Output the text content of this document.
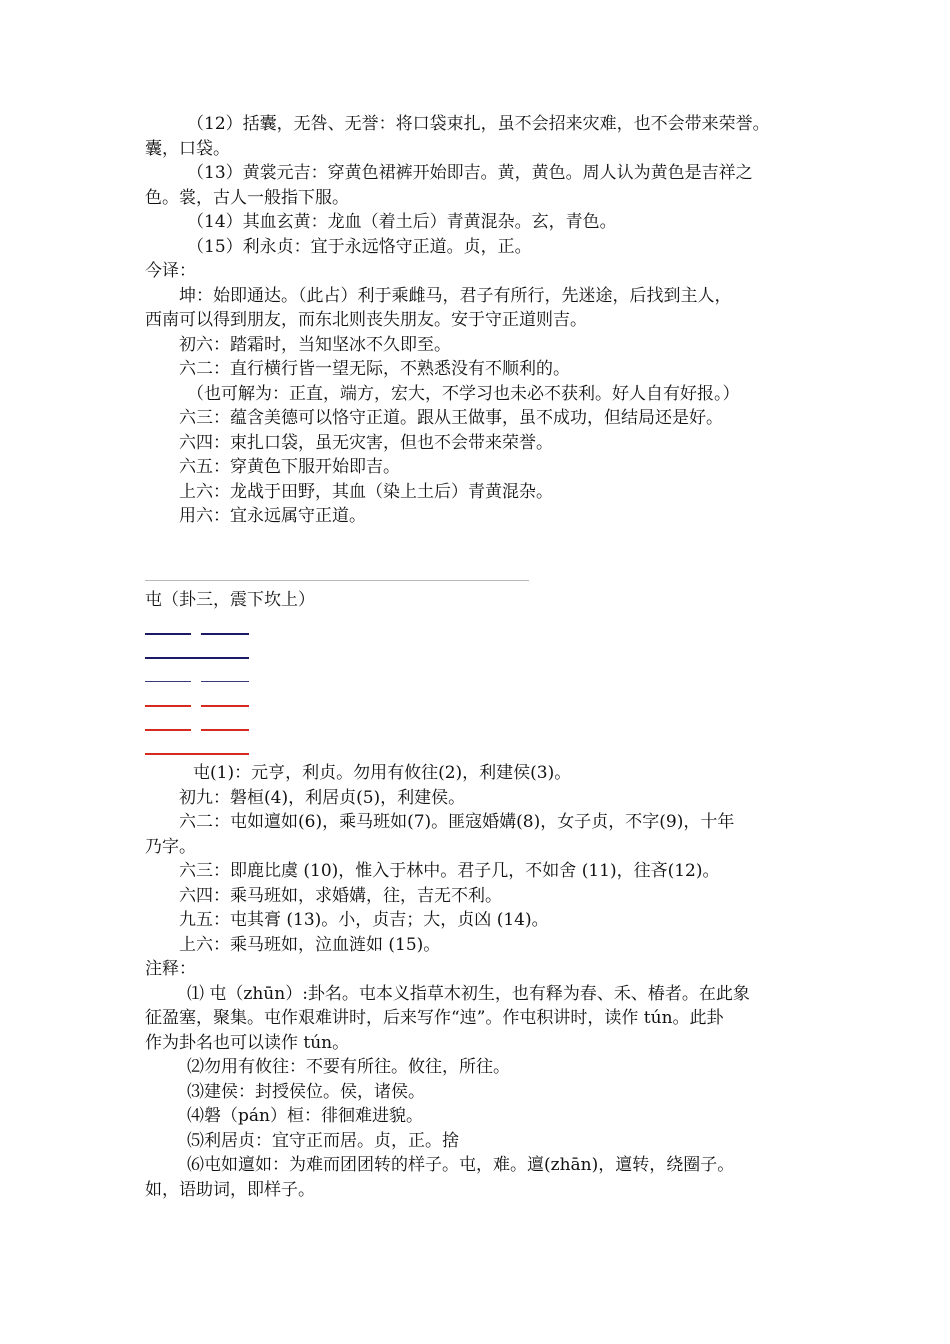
（12）括囊，无咎、无誉：将口袋束扎，虽不会招来灾难，也不会带来荣誉。
囊，口袋。
（13）黄裳元吉：穿黄色裙裤开始即吉。黄，黄色。周人认为黄色是吉祥之
色。裳，古人一般指下服。
（14）其血玄黄：龙血（着土后）青黄混杂。玄，青色。
（15）利永贞：宜于永远恪守正道。贞，正。
今译：
坤：始即通达。（此占）利于乘雌马，君子有所行，先迷途，后找到主人，
西南可以得到朋友，而东北则丧失朋友。安于守正道则吉。
初六：踏霜时，当知坚冰不久即至。
六二：直行横行皆一望无际，不熟悉没有不顺利的。
（也可解为：正直，端方，宏大，不学习也未必不获利。好人自有好报。）
六三：蕴含美德可以恪守正道。跟从王做事，虽不成功，但结局还是好。
六四：束扎口袋，虽无灾害，但也不会带来荣誉。
六五：穿黄色下服开始即吉。
上六：龙战于田野，其血（染上土后）青黄混杂。
用六：宜永远属守正道。
屯（卦三，震下坎上）
屯(1)：元亨，利贞。勿用有攸往(2)，利建侯(3)。
初九：磐桓(4)，利居贞(5)，利建侯。
六二：屯如邅如(6)，乘马班如(7)。匪寇婚媾(8)，女子贞，不字(9)，十年
乃字。
六三：即鹿比虞 (10)，惟入于林中。君子几，不如舍 (11)，往吝(12)。
六四：乘马班如，求婚媾，往，吉无不利。
九五：屯其膏 (13)。小，贞吉；大，贞凶 (14)。
上六：乘马班如，泣血涟如 (15)。
注释：
⑴ 屯（zhūn）:卦名。屯本义指草木初生，也有释为春、禾、椿者。在此象
征盈塞，聚集。屯作艰难讲时，后来写作“迍”。作屯积讲时，读作 tún。此卦
作为卦名也可以读作 tún。
⑵勿用有攸往：不要有所往。攸往，所往。
⑶建侯：封授侯位。侯，诸侯。
⑷磐（pán）桓：徘徊难进貌。
⑸利居贞：宜守正而居。贞，正。捨
⑹屯如邅如：为难而团团转的样子。屯，难。邅(zhān)，邅转，绕圈子。
如，语助词，即样子。
